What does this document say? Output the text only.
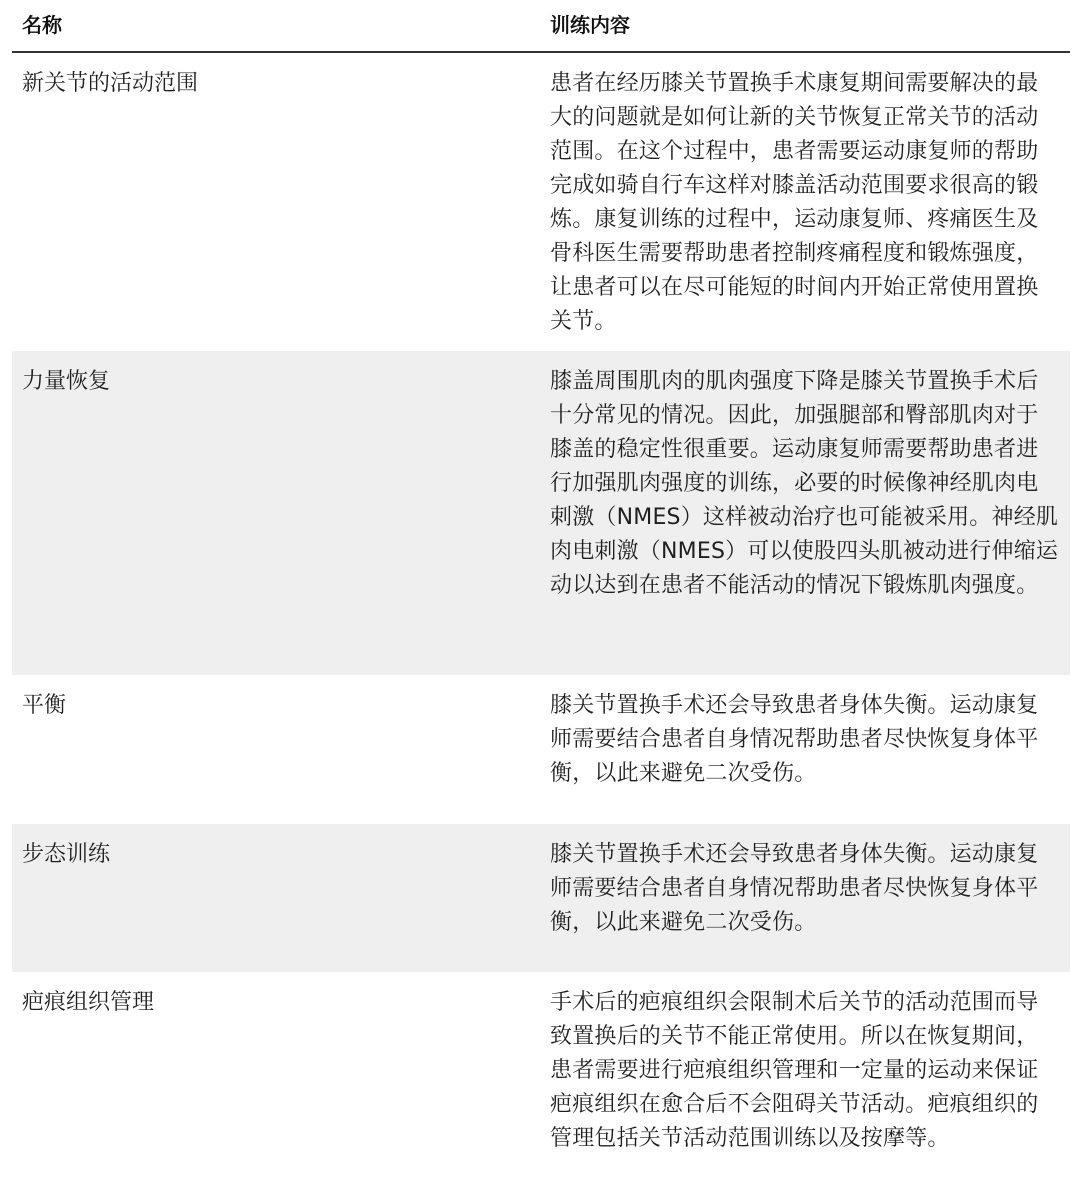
名称	训练内容
新关节的活动范围	患者在经历膝关节置换手术康复期间需要解决的最大的问题就是如何让新的关节恢复正常关节的活动范围。在这个过程中，患者需要运动康复师的帮助完成如骑自行车这样对膝盖活动范围要求很高的锻炼。康复训练的过程中，运动康复师、疼痛医生及骨科医生需要帮助患者控制疼痛程度和锻炼强度，让患者可以在尽可能短的时间内开始正常使用置换关节。
力量恢复	膝盖周围肌肉的肌肉强度下降是膝关节置换手术后十分常见的情况。因此，加强腿部和臀部肌肉对于膝盖的稳定性很重要。运动康复师需要帮助患者进行加强肌肉强度的训练，必要的时候像神经肌肉电刺激（NMES）这样被动治疗也可能被采用。神经肌肉电刺激（NMES）可以使股四头肌被动进行伸缩运动以达到在患者不能活动的情况下锻炼肌肉强度。
平衡	膝关节置换手术还会导致患者身体失衡。运动康复师需要结合患者自身情况帮助患者尽快恢复身体平衡，以此来避免二次受伤。
步态训练	膝关节置换手术还会导致患者身体失衡。运动康复师需要结合患者自身情况帮助患者尽快恢复身体平衡，以此来避免二次受伤。
疤痕组织管理	手术后的疤痕组织会限制术后关节的活动范围而导致置换后的关节不能正常使用。所以在恢复期间，患者需要进行疤痕组织管理和一定量的运动来保证疤痕组织在愈合后不会阻碍关节活动。疤痕组织的管理包括关节活动范围训练以及按摩等。
